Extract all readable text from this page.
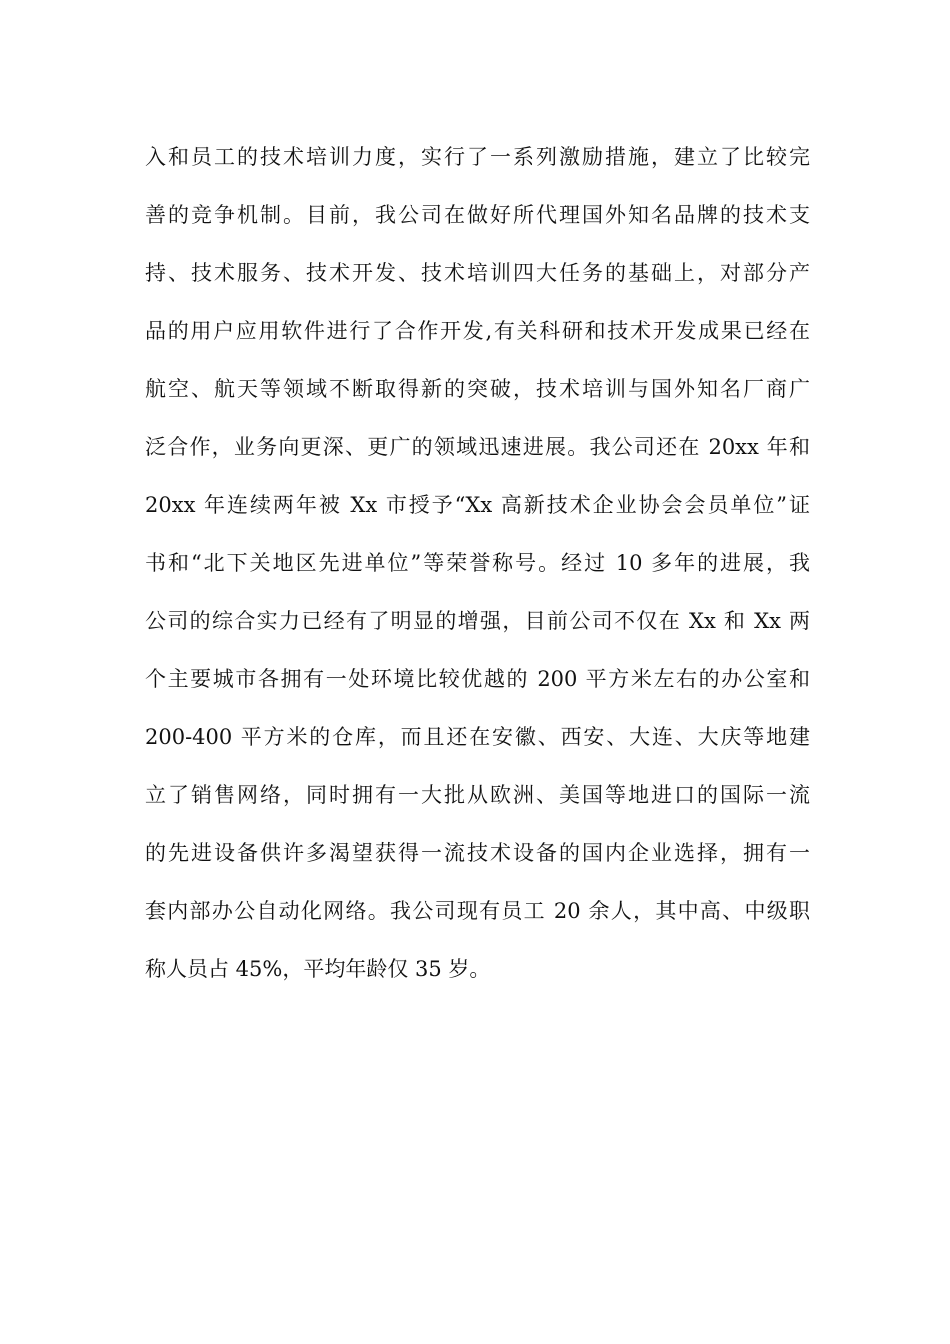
入和员工的技术培训力度，实行了一系列激励措施，建立了比较完
善的竞争机制。目前，我公司在做好所代理国外知名品牌的技术支
持、技术服务、技术开发、技术培训四大任务的基础上，对部分产
品的用户应用软件进行了合作开发,有关科研和技术开发成果已经在
航空、航天等领域不断取得新的突破，技术培训与国外知名厂商广
泛合作，业务向更深、更广的领域迅速进展。我公司还在 20xx 年和
20xx 年连续两年被 Xx 市授予“Xx 高新技术企业协会会员单位”证
书和“北下关地区先进单位”等荣誉称号。经过 10 多年的进展，我
公司的综合实力已经有了明显的增强，目前公司不仅在 Xx 和 Xx 两
个主要城市各拥有一处环境比较优越的 200 平方米左右的办公室和
200-400 平方米的仓库，而且还在安徽、西安、大连、大庆等地建
立了销售网络，同时拥有一大批从欧洲、美国等地进口的国际一流
的先进设备供许多渴望获得一流技术设备的国内企业选择，拥有一
套内部办公自动化网络。我公司现有员工 20 余人，其中高、中级职
称人员占 45%，平均年龄仅 35 岁。
